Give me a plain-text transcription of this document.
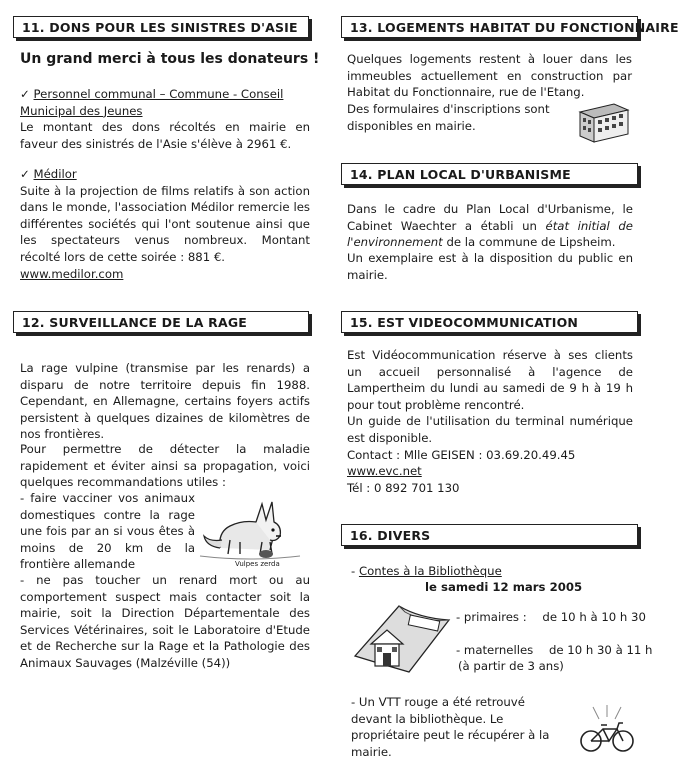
11. DONS POUR LES SINISTRES D'ASIE
Un grand merci à tous les donateurs !
✓ Personnel communal – Commune - Conseil
Municipal des Jeunes
Le montant des dons récoltés en mairie en faveur des sinistrés de l'Asie s'élève à 2961 €.
✓ Médilor
Suite à la projection de films relatifs à son action dans le monde, l'association Médilor remercie les différentes sociétés qui l'ont soutenue ainsi que les spectateurs venus nombreux. Montant récolté lors de cette soirée : 881 €.
www.medilor.com
12. SURVEILLANCE DE LA RAGE
La rage vulpine (transmise par les renards) a disparu de notre territoire depuis fin 1988. Cependant, en Allemagne, certains foyers actifs persistent à quelques dizaines de kilomètres de nos frontières.
Pour permettre de détecter la maladie rapidement et éviter ainsi sa propagation, voici quelques recommandations utiles :
- faire vacciner vos animaux domestiques contre la rage une fois par an si vous êtes à moins de 20 km de la frontière allemande
- ne pas toucher un renard mort ou au comportement suspect mais contacter soit la mairie, soit la Direction Départementale des Services Vétérinaires, soit le Laboratoire d'Etude et de Recherche sur la Rage et la Pathologie des Animaux Sauvages (Malzéville (54))
Vulpes zerda
13. LOGEMENTS HABITAT DU FONCTIONNAIRE
Quelques logements restent à louer dans les immeubles actuellement en construction par Habitat du Fonctionnaire, rue de l'Etang.
Des formulaires d'inscriptions sont disponibles en mairie.
14. PLAN LOCAL D'URBANISME
Dans le cadre du Plan Local d'Urbanisme, le Cabinet Waechter a établi un état initial de l'environnement de la commune de Lipsheim.
Un exemplaire est à la disposition du public en mairie.
15. EST VIDEOCOMMUNICATION
Est Vidéocommunication réserve à ses clients un accueil personnalisé à l'agence de Lampertheim du lundi au samedi de 9 h à 19 h pour tout problème rencontré.
Un guide de l'utilisation du terminal numérique est disponible.
Contact : Mlle GEISEN : 03.69.20.49.45
www.evc.net
Tél : 0 892 701 130
16. DIVERS
- Contes à la Bibliothèque
le samedi 12 mars 2005
- primaires : de 10 h à 10 h 30
- maternelles de 10 h 30 à 11 h
(à partir de 3 ans)
- Un VTT rouge a été retrouvé devant la bibliothèque. Le propriétaire peut le récupérer à la mairie.
